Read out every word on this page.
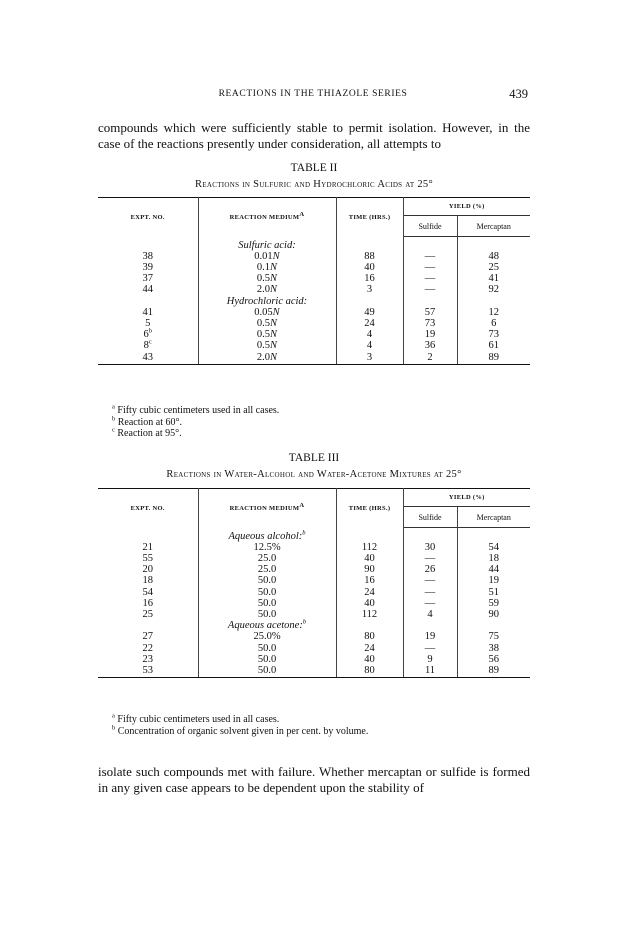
REACTIONS IN THE THIAZOLE SERIES	439
compounds which were sufficiently stable to permit isolation. However, in the case of the reactions presently under consideration, all attempts to
TABLE II
Reactions in Sulfuric and Hydrochloric Acids at 25°
EXPT. NO.	REACTION $MEDIUM^A$	TIME (HRS.)	YIELD (%)	
			Sulfide	Mercaptan
	Sulfuric acid:			
38	0.01N	88	—	48
39	0.1N	40	—	25
37	0.5N	16	—	41
44	2.0N	3	—	92
	Hydrochloric acid:			
41	0.05N	49	57	12
5	0.5N	24	73	6
6$^b$	0.5N	4	19	73
8$^c$	0.5N	4	36	61
43	2.0N	3	2	89
$^a$ Fifty cubic centimeters used in all cases.
$^b$ Reaction at 60°.
$^c$ Reaction at 95°.
TABLE III
Reactions in Water-Alcohol and Water-Acetone Mixtures at 25°
EXPT. NO.	REACTION $MEDIUM^A$	TIME (HRS.)	YIELD (%)	
			Sulfide	Mercaptan
	Aqueous alcohol:$^b$			
21	12.5%	112	30	54
55	25.0	40	—	18
20	25.0	90	26	44
18	50.0	16	—	19
54	50.0	24	—	51
16	50.0	40	—	59
25	50.0	112	4	90
	Aqueous acetone:$^b$			
27	25.0%	80	19	75
22	50.0	24	—	38
23	50.0	40	9	56
53	50.0	80	11	89
$^a$ Fifty cubic centimeters used in all cases.
$^b$ Concentration of organic solvent given in per cent. by volume.
isolate such compounds met with failure. Whether mercaptan or sulfide is formed in any given case appears to be dependent upon the stability of
